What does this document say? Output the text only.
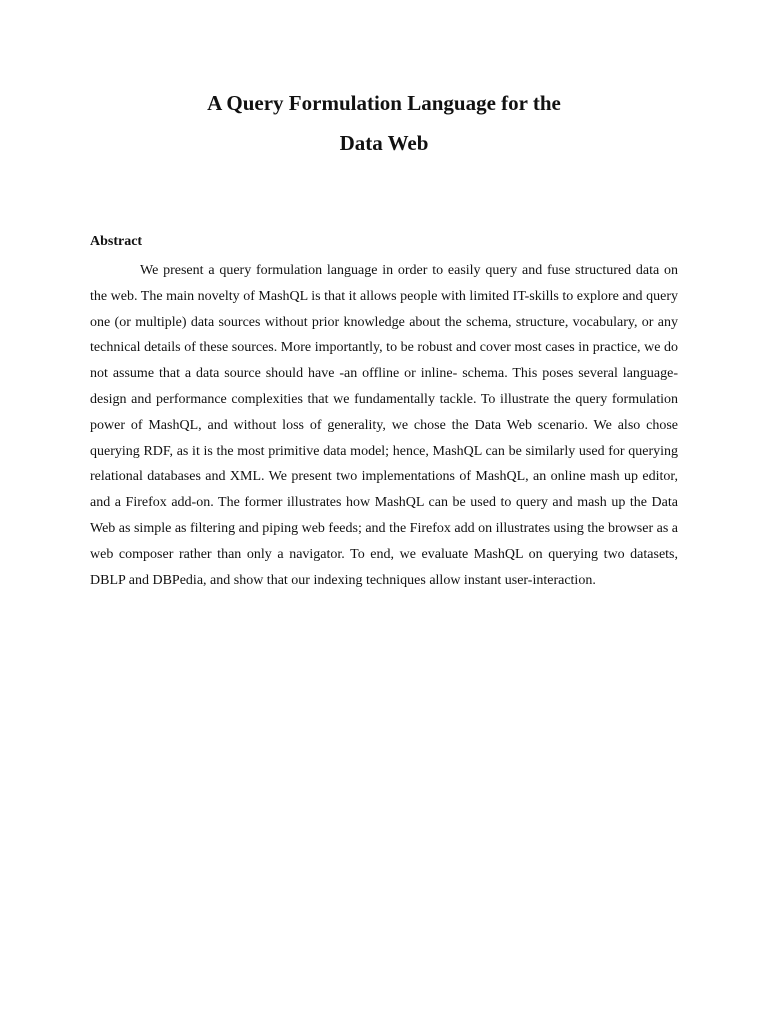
A Query Formulation Language for the
Data Web
Abstract

We present a query formulation language in order to easily query and fuse structured data on the web. The main novelty of MashQL is that it allows people with limited IT-skills to explore and query one (or multiple) data sources without prior knowledge about the schema, structure, vocabulary, or any technical details of these sources. More importantly, to be robust and cover most cases in practice, we do not assume that a data source should have -an offline or inline- schema. This poses several language-design and performance complexities that we fundamentally tackle. To illustrate the query formulation power of MashQL, and without loss of generality, we chose the Data Web scenario. We also chose querying RDF, as it is the most primitive data model; hence, MashQL can be similarly used for querying relational databases and XML. We present two implementations of MashQL, an online mash up editor, and a Firefox add-on. The former illustrates how MashQL can be used to query and mash up the Data Web as simple as filtering and piping web feeds; and the Firefox add on illustrates using the browser as a web composer rather than only a navigator. To end, we evaluate MashQL on querying two datasets, DBLP and DBPedia, and show that our indexing techniques allow instant user-interaction.
